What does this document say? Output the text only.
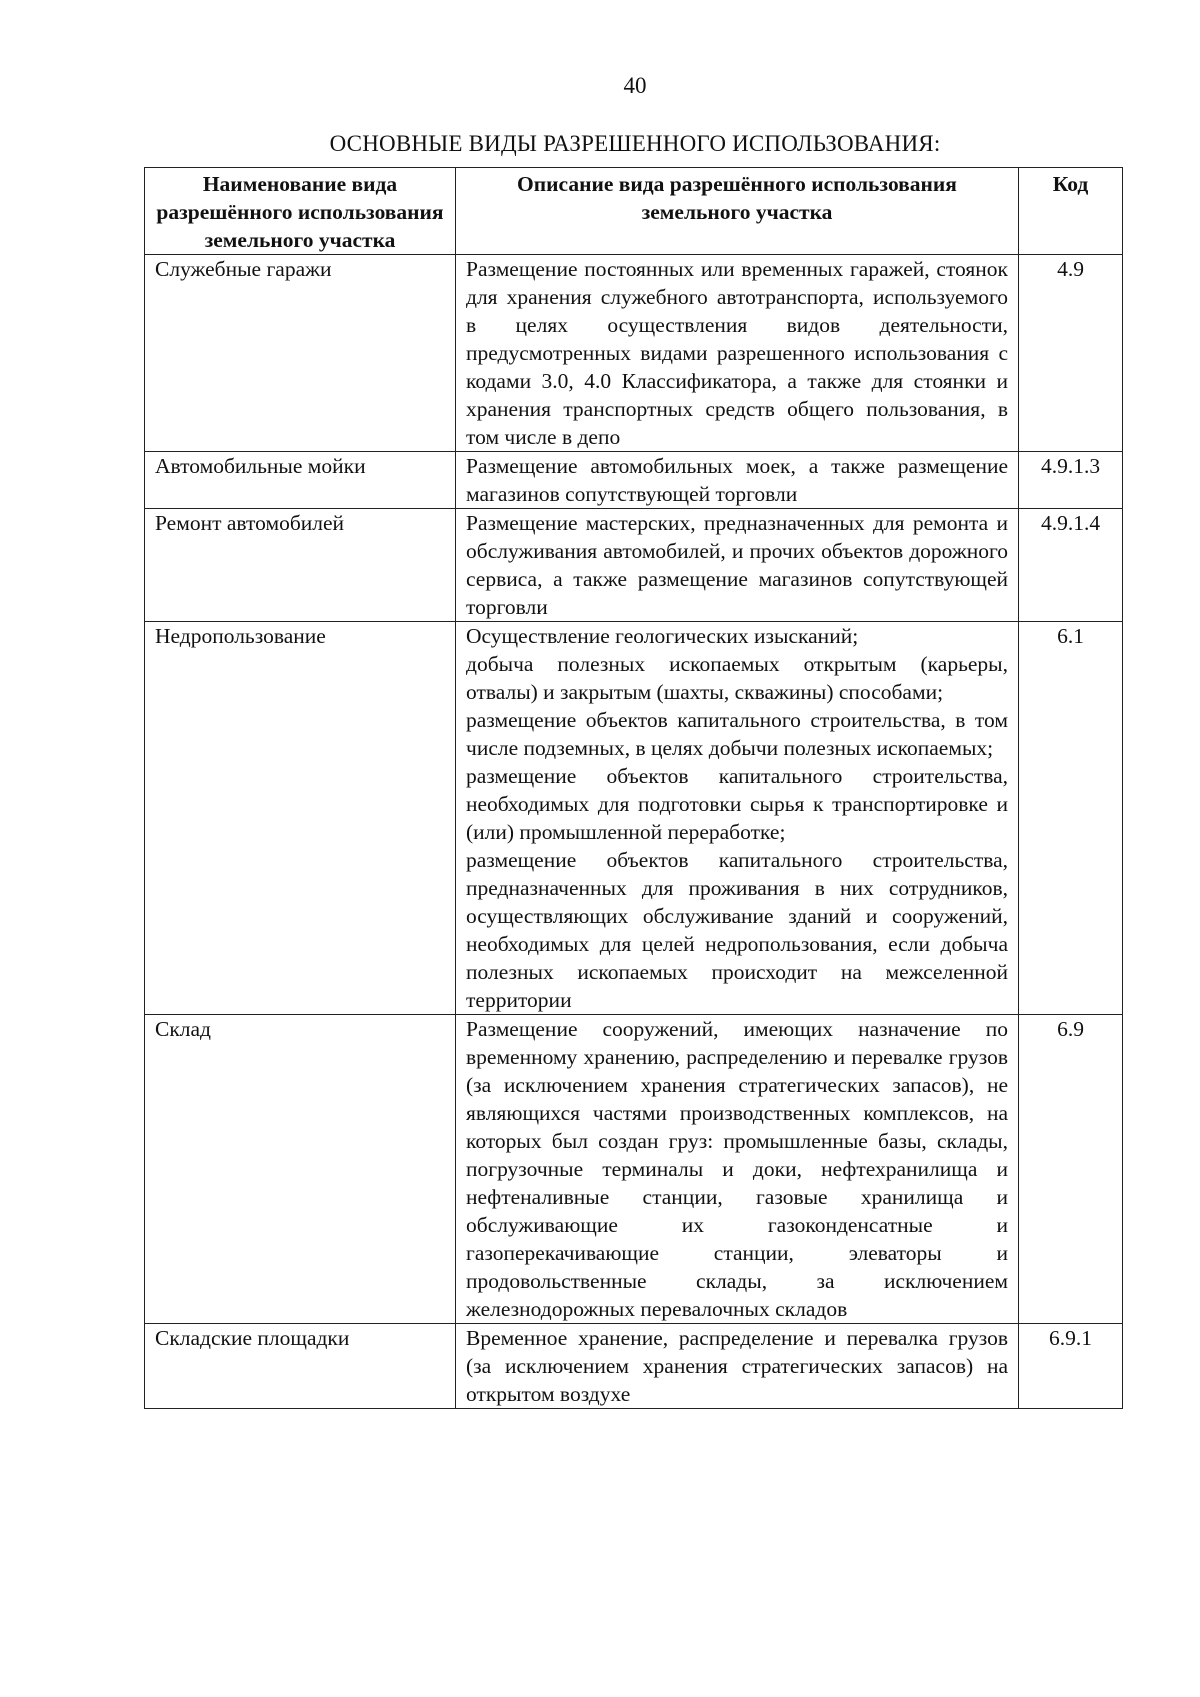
40
ОСНОВНЫЕ ВИДЫ РАЗРЕШЕННОГО ИСПОЛЬЗОВАНИЯ:
Наименование вида разрешённого использования земельного участка	Описание вида разрешённого использования земельного участка	Код
Служебные гаражи	Размещение постоянных или временных гаражей, стоянок для хранения служебного автотранспорта, используемого в целях осуществления видов деятельности, предусмотренных видами разрешенного использования с кодами 3.0, 4.0 Классификатора, а также для стоянки и хранения транспортных средств общего пользования, в том числе в депо	4.9
Автомобильные мойки	Размещение автомобильных моек, а также размещение магазинов сопутствующей торговли	4.9.1.3
Ремонт автомобилей	Размещение мастерских, предназначенных для ремонта и обслуживания автомобилей, и прочих объектов дорожного сервиса, а также размещение магазинов сопутствующей торговли	4.9.1.4
Недропользование	Осуществление геологических изысканий;
добыча полезных ископаемых открытым (карьеры, отвалы) и закрытым (шахты, скважины) способами;
размещение объектов капитального строительства, в том числе подземных, в целях добычи полезных ископаемых;
размещение объектов капитального строительства, необходимых для подготовки сырья к транспортировке и (или) промышленной переработке;
размещение объектов капитального строительства, предназначенных для проживания в них сотрудников, осуществляющих обслуживание зданий и сооружений, необходимых для целей недропользования, если добыча полезных ископаемых происходит на межселенной территории	6.1
Склад	Размещение сооружений, имеющих назначение по временному хранению, распределению и перевалке грузов (за исключением хранения стратегических запасов), не являющихся частями производственных комплексов, на которых был создан груз: промышленные базы, склады, погрузочные терминалы и доки, нефтехранилища и нефтеналивные станции, газовые хранилища и обслуживающие их газоконденсатные и газоперекачивающие станции, элеваторы и продовольственные склады, за исключением железнодорожных перевалочных складов	6.9
Складские площадки	Временное хранение, распределение и перевалка грузов (за исключением хранения стратегических запасов) на открытом воздухе	6.9.1
